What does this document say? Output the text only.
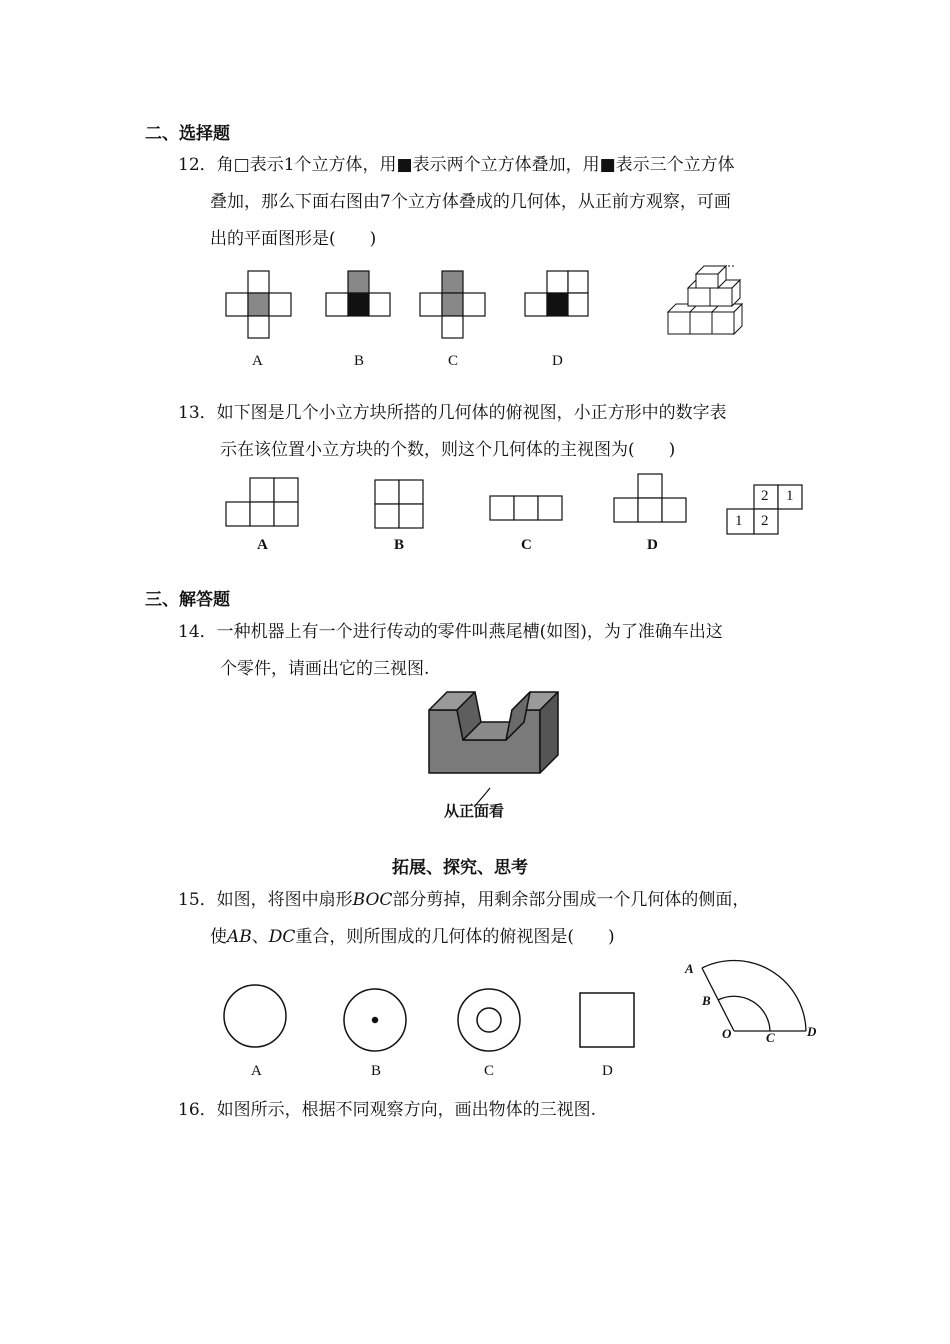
二、选择题
12．角□表示1个立方体，用■表示两个立方体叠加，用■表示三个立方体
叠加，那么下面右图由7个立方体叠成的几何体，从正前方观察，可画
出的平面图形是(　　)
A	B	C	D
13．如下图是几个小立方块所搭的几何体的俯视图，小正方形中的数字表
示在该位置小立方块的个数，则这个几何体的主视图为(　　)
2 1
1 2
A	B	C	D
三、解答题
14．一种机器上有一个进行传动的零件叫燕尾槽(如图)，为了准确车出这
个零件，请画出它的三视图.
从正面看
拓展、探究、思考
15．如图，将图中扇形BOC部分剪掉，用剩余部分围成一个几何体的侧面，
使AB、DC重合，则所围成的几何体的俯视图是(　　)
A
B
O	C D
A	B	C	D
16．如图所示，根据不同观察方向，画出物体的三视图.
